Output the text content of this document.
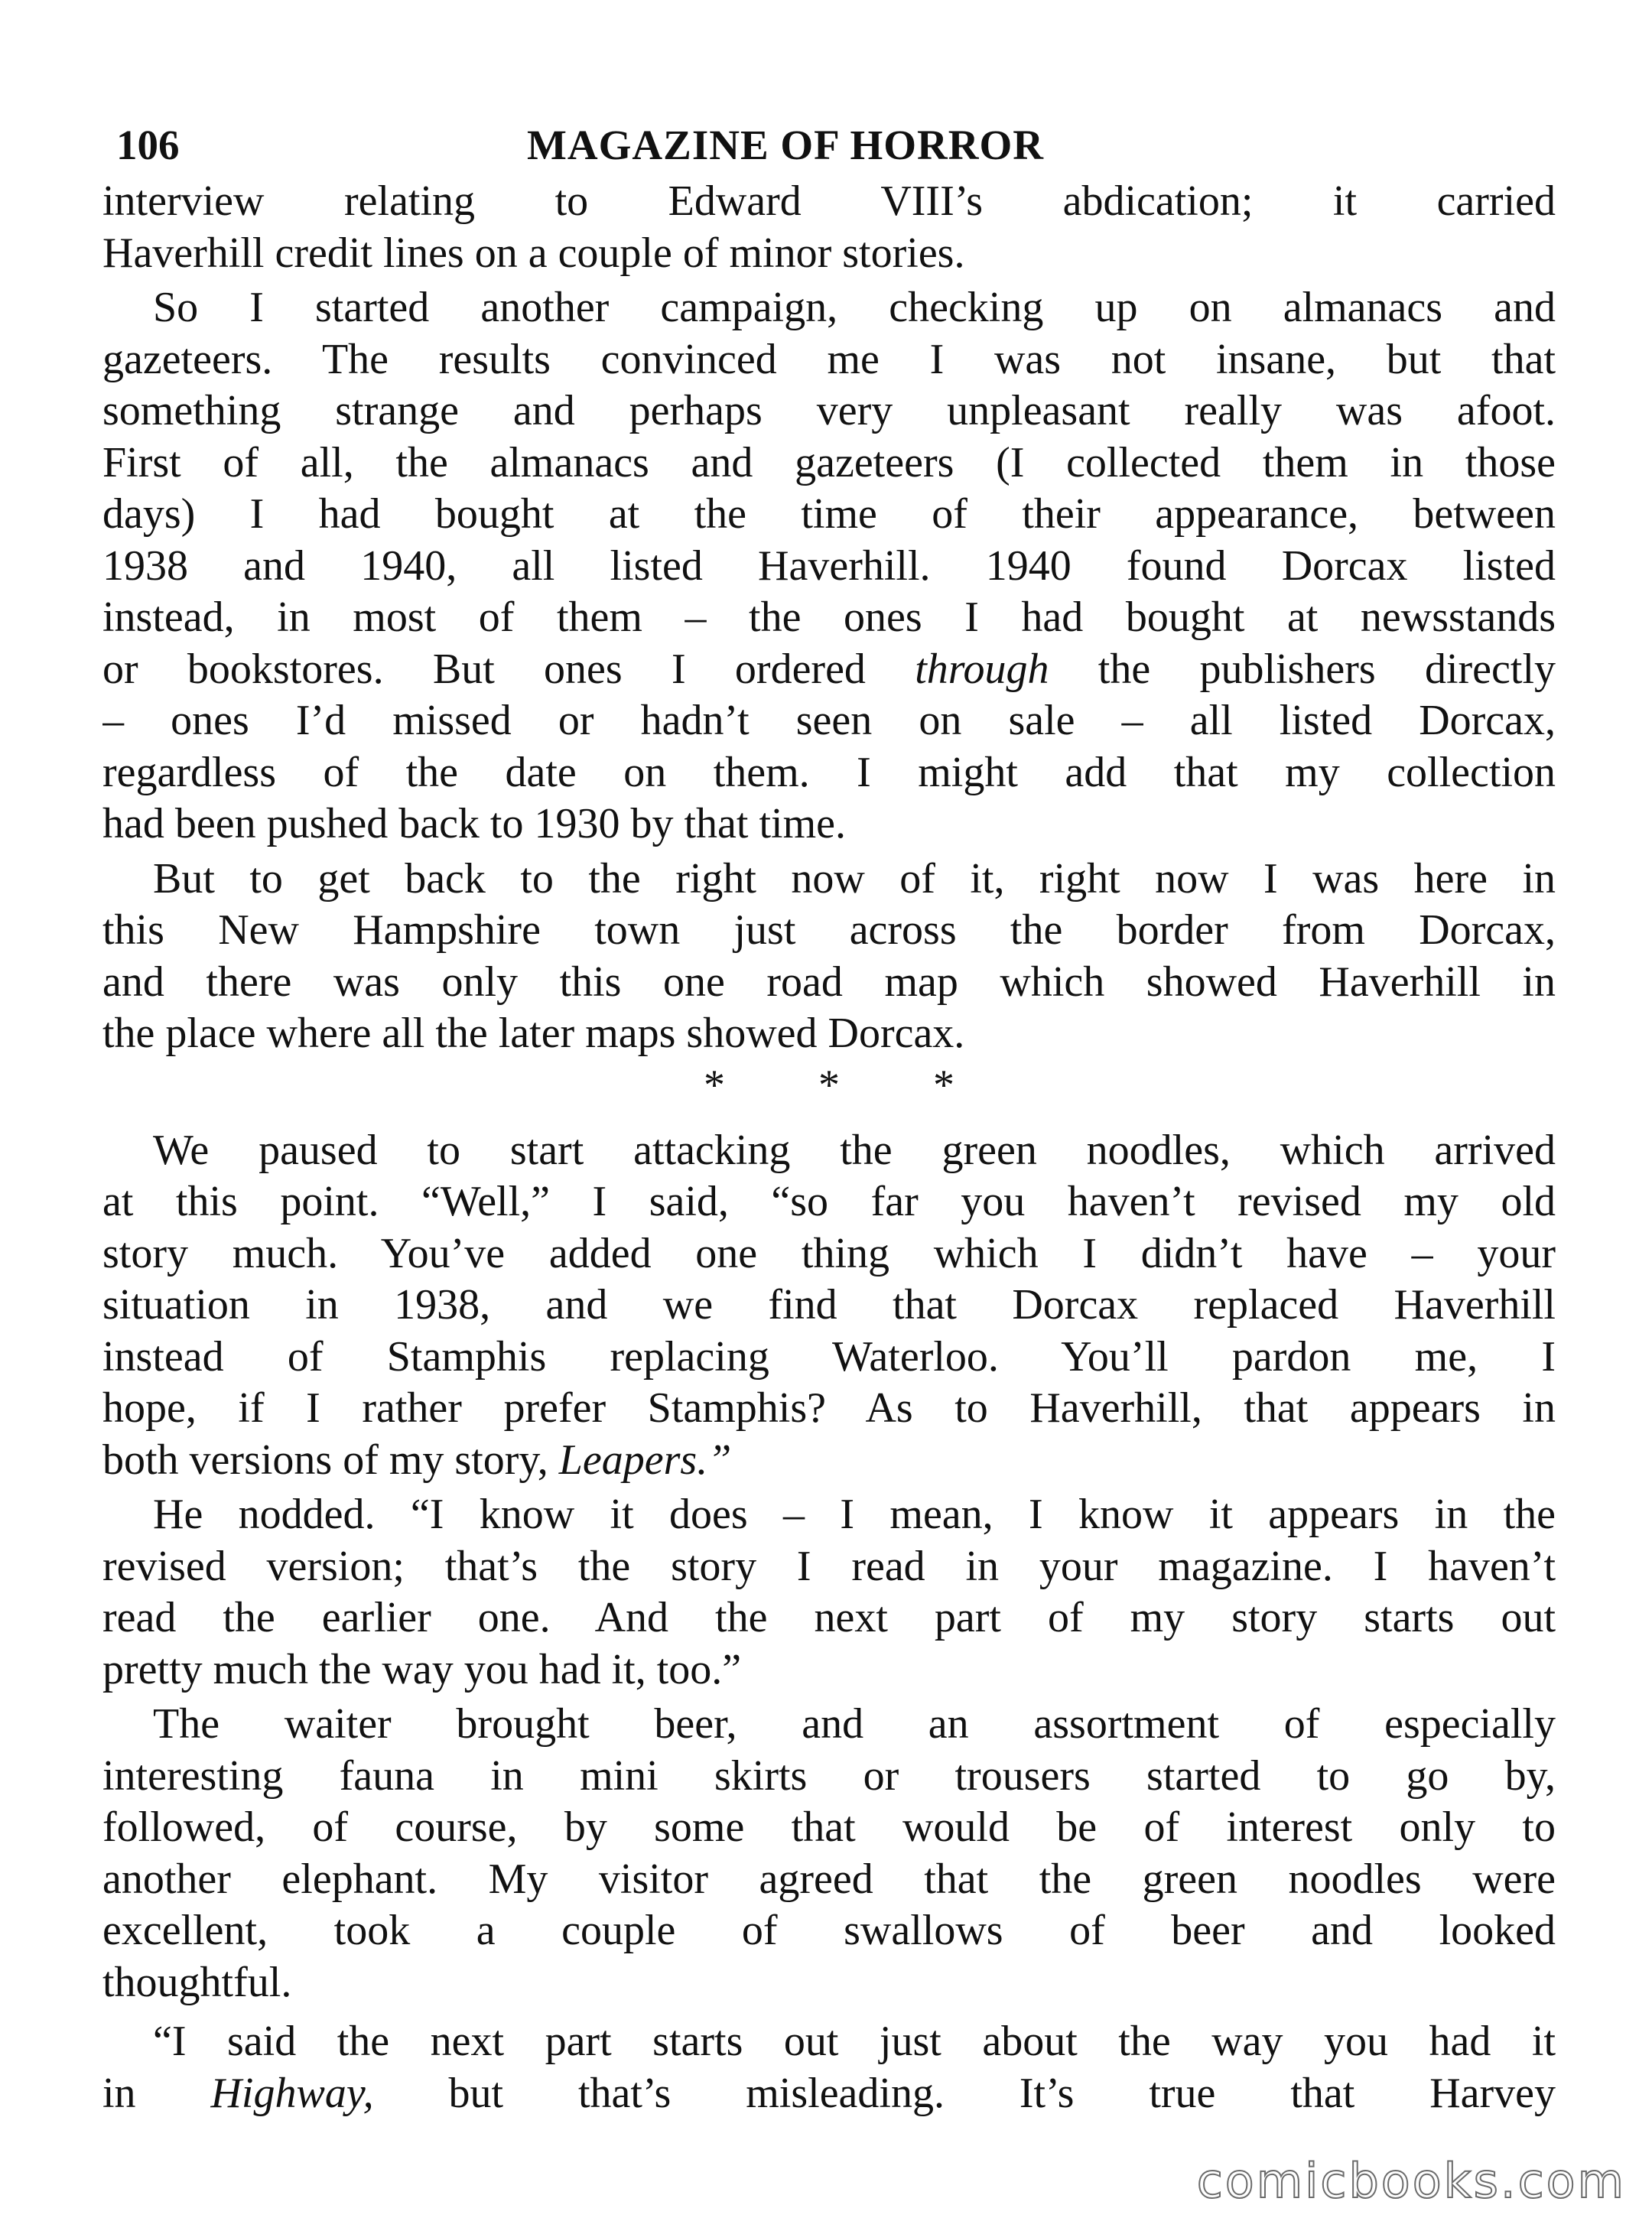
106	MAGAZINE OF HORROR
interview relating to Edward VIII’s abdication; it carried
Haverhill credit lines on a couple of minor stories.
So I started another campaign, checking up on almanacs and
gazeteers. The results convinced me I was not insane, but that
something strange and perhaps very unpleasant really was afoot.
First of all, the almanacs and gazeteers (I collected them in those
days) I had bought at the time of their appearance, between
1938 and 1940, all listed Haverhill. 1940 found Dorcax listed
instead, in most of them – the ones I had bought at newsstands
or bookstores. But ones I ordered through the publishers directly
– ones I’d missed or hadn’t seen on sale – all listed Dorcax,
regardless of the date on them. I might add that my collection
had been pushed back to 1930 by that time.
But to get back to the right now of it, right now I was here in
this New Hampshire town just across the border from Dorcax,
and there was only this one road map which showed Haverhill in
the place where all the later maps showed Dorcax.
* * *
We paused to start attacking the green noodles, which arrived
at this point. “Well,” I said, “so far you haven’t revised my old
story much. You’ve added one thing which I didn’t have – your
situation in 1938, and we find that Dorcax replaced Haverhill
instead of Stamphis replacing Waterloo. You’ll pardon me, I
hope, if I rather prefer Stamphis? As to Haverhill, that appears in
both versions of my story, Leapers.”
He nodded. “I know it does – I mean, I know it appears in the
revised version; that’s the story I read in your magazine. I haven’t
read the earlier one. And the next part of my story starts out
pretty much the way you had it, too.”
The waiter brought beer, and an assortment of especially
interesting fauna in mini skirts or trousers started to go by,
followed, of course, by some that would be of interest only to
another elephant. My visitor agreed that the green noodles were
excellent, took a couple of swallows of beer and looked
thoughtful.
“I said the next part starts out just about the way you had it
in Highway, but that’s misleading. It’s true that Harvey
comicbooks.com
